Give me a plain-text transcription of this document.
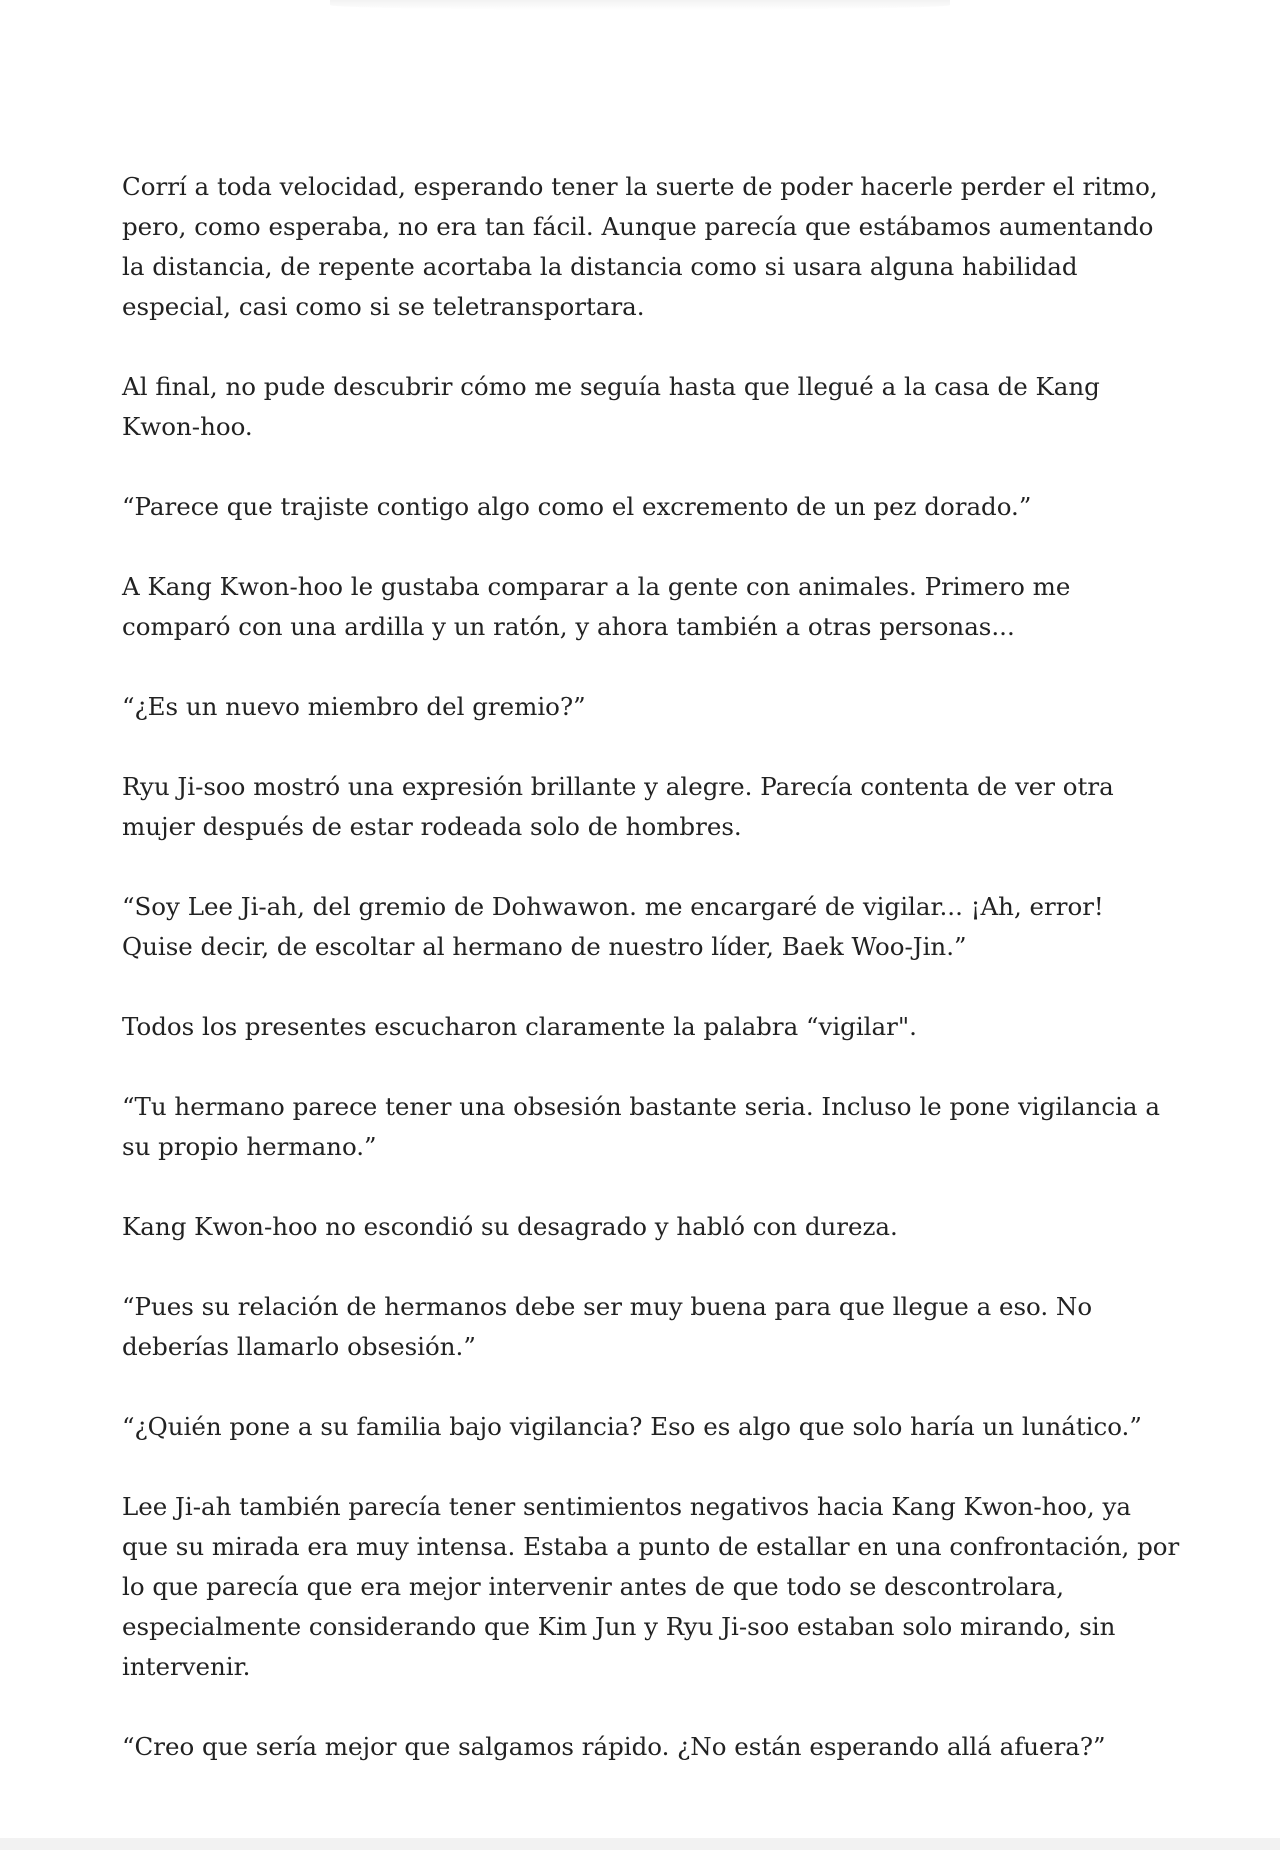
Corrí a toda velocidad, esperando tener la suerte de poder hacerle perder el ritmo, pero, como esperaba, no era tan fácil. Aunque parecía que estábamos aumentando la distancia, de repente acortaba la distancia como si usara alguna habilidad especial, casi como si se teletransportara.

Al final, no pude descubrir cómo me seguía hasta que llegué a la casa de Kang Kwon-hoo.

“Parece que trajiste contigo algo como el excremento de un pez dorado.”

A Kang Kwon-hoo le gustaba comparar a la gente con animales. Primero me comparó con una ardilla y un ratón, y ahora también a otras personas...

“¿Es un nuevo miembro del gremio?”

Ryu Ji-soo mostró una expresión brillante y alegre. Parecía contenta de ver otra mujer después de estar rodeada solo de hombres.

“Soy Lee Ji-ah, del gremio de Dohwawon. me encargaré de vigilar... ¡Ah, error! Quise decir, de escoltar al hermano de nuestro líder, Baek Woo-Jin.”

Todos los presentes escucharon claramente la palabra “vigilar".

“Tu hermano parece tener una obsesión bastante seria. Incluso le pone vigilancia a su propio hermano.”

Kang Kwon-hoo no escondió su desagrado y habló con dureza.

“Pues su relación de hermanos debe ser muy buena para que llegue a eso. No deberías llamarlo obsesión.”

“¿Quién pone a su familia bajo vigilancia? Eso es algo que solo haría un lunático.”

Lee Ji-ah también parecía tener sentimientos negativos hacia Kang Kwon-hoo, ya que su mirada era muy intensa. Estaba a punto de estallar en una confrontación, por lo que parecía que era mejor intervenir antes de que todo se descontrolara, especialmente considerando que Kim Jun y Ryu Ji-soo estaban solo mirando, sin intervenir.

“Creo que sería mejor que salgamos rápido. ¿No están esperando allá afuera?”
